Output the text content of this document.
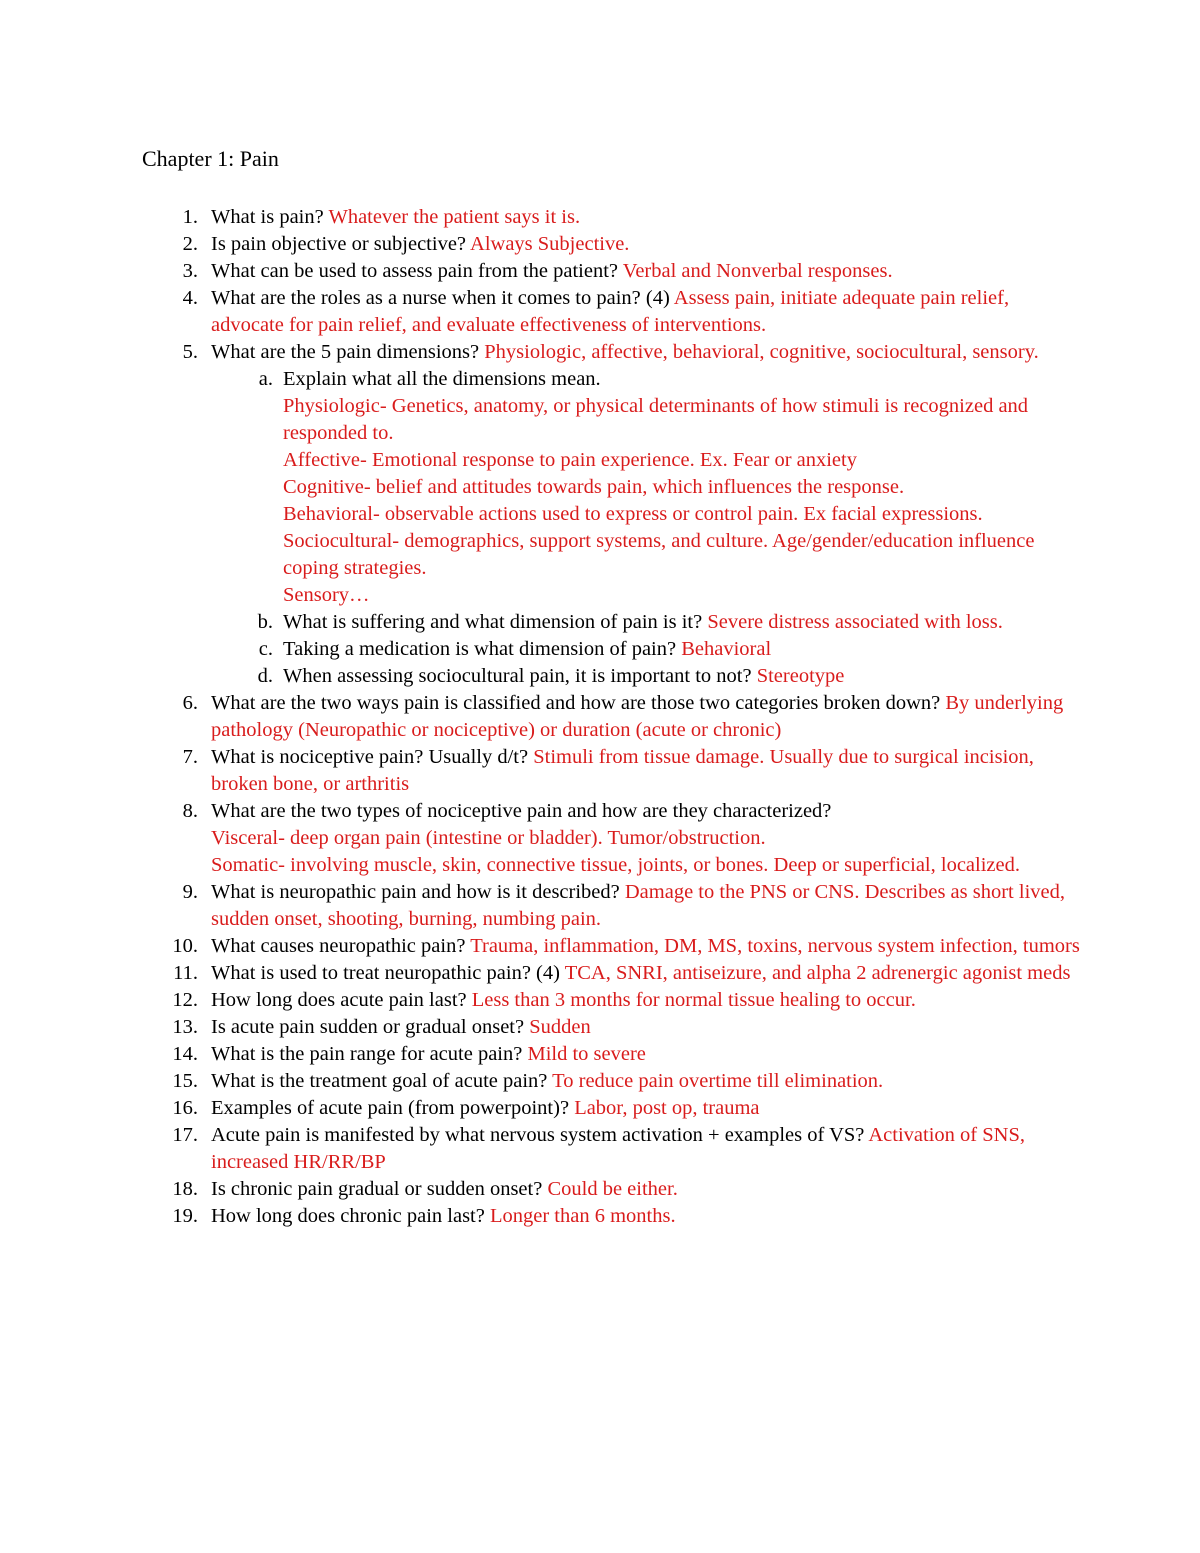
Chapter 1: Pain
1. What is pain? Whatever the patient says it is.
2. Is pain objective or subjective? Always Subjective.
3. What can be used to assess pain from the patient? Verbal and Nonverbal responses.
4. What are the roles as a nurse when it comes to pain? (4) Assess pain, initiate adequate pain relief, advocate for pain relief, and evaluate effectiveness of interventions.
5. What are the 5 pain dimensions? Physiologic, affective, behavioral, cognitive, sociocultural, sensory.
a. Explain what all the dimensions mean.
Physiologic- Genetics, anatomy, or physical determinants of how stimuli is recognized and responded to.
Affective- Emotional response to pain experience. Ex. Fear or anxiety
Cognitive- belief and attitudes towards pain, which influences the response.
Behavioral- observable actions used to express or control pain. Ex facial expressions.
Sociocultural- demographics, support systems, and culture. Age/gender/education influence coping strategies.
Sensory…
b. What is suffering and what dimension of pain is it? Severe distress associated with loss.
c. Taking a medication is what dimension of pain? Behavioral
d. When assessing sociocultural pain, it is important to not? Stereotype
6. What are the two ways pain is classified and how are those two categories broken down? By underlying pathology (Neuropathic or nociceptive) or duration (acute or chronic)
7. What is nociceptive pain? Usually d/t? Stimuli from tissue damage. Usually due to surgical incision, broken bone, or arthritis
8. What are the two types of nociceptive pain and how are they characterized?
Visceral- deep organ pain (intestine or bladder). Tumor/obstruction.
Somatic- involving muscle, skin, connective tissue, joints, or bones. Deep or superficial, localized.
9. What is neuropathic pain and how is it described? Damage to the PNS or CNS. Describes as short lived, sudden onset, shooting, burning, numbing pain.
10. What causes neuropathic pain? Trauma, inflammation, DM, MS, toxins, nervous system infection, tumors
11. What is used to treat neuropathic pain? (4) TCA, SNRI, antiseizure, and alpha 2 adrenergic agonist meds
12. How long does acute pain last? Less than 3 months for normal tissue healing to occur.
13. Is acute pain sudden or gradual onset? Sudden
14. What is the pain range for acute pain? Mild to severe
15. What is the treatment goal of acute pain? To reduce pain overtime till elimination.
16. Examples of acute pain (from powerpoint)? Labor, post op, trauma
17. Acute pain is manifested by what nervous system activation + examples of VS? Activation of SNS, increased HR/RR/BP
18. Is chronic pain gradual or sudden onset? Could be either.
19. How long does chronic pain last? Longer than 6 months.
